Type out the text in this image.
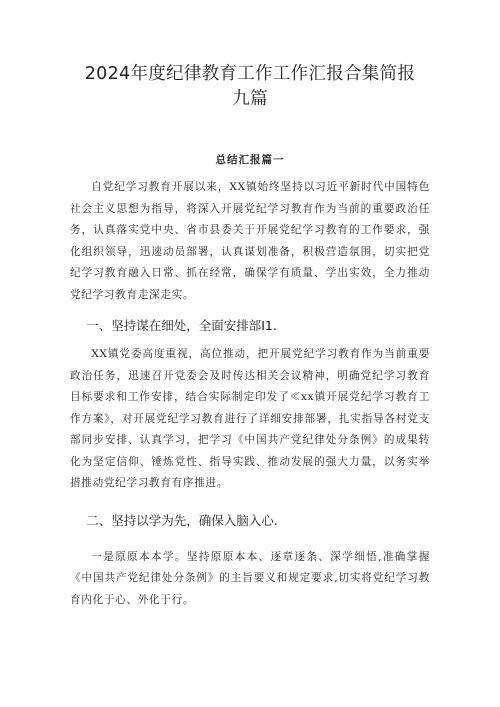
2024年度纪律教育工作工作汇报合集简报九篇
总结汇报篇一

自党纪学习教育开展以来，XX镇始终坚持以习近平新时代中国特色社会主义思想为指导，将深入开展党纪学习教育作为当前的重要政治任务，认真落实党中央、省市县委关于开展党纪学习教育的工作要求，强化组织领导，迅速动员部署，认真谋划准备，积极营造氛围，切实把党纪学习教育融入日常、抓在经常，确保学有质量、学出实效，全力推动党纪学习教育走深走实。

一、坚持谋在细处，全面安排部I1.

XX镇党委高度重视，高位推动，把开展党纪学习教育作为当前重要政治任务，迅速召开党委会及时传达相关会议精神，明确党纪学习教育目标要求和工作安排，结合实际制定印发了≪xx镇开展党纪学习教育工作方案》，对开展党纪学习教育进行了详细安排部署，扎实指导各村党支部同步安排、认真学习，把学习《中国共产党纪律处分条例》的成果转化为坚定信仰、锤炼党性、指导实践、推动发展的强大力量，以务实举措推动党纪学习教育有序推进。

二、坚持以学为先，确保入脑入心.

一是原原本本学。坚持原原本本、逐章逐条、深学细悟,准确掌握《中国共产党纪律处分条例》的主旨要义和规定要求,切实将党纪学习教育内化于心、外化于行。
